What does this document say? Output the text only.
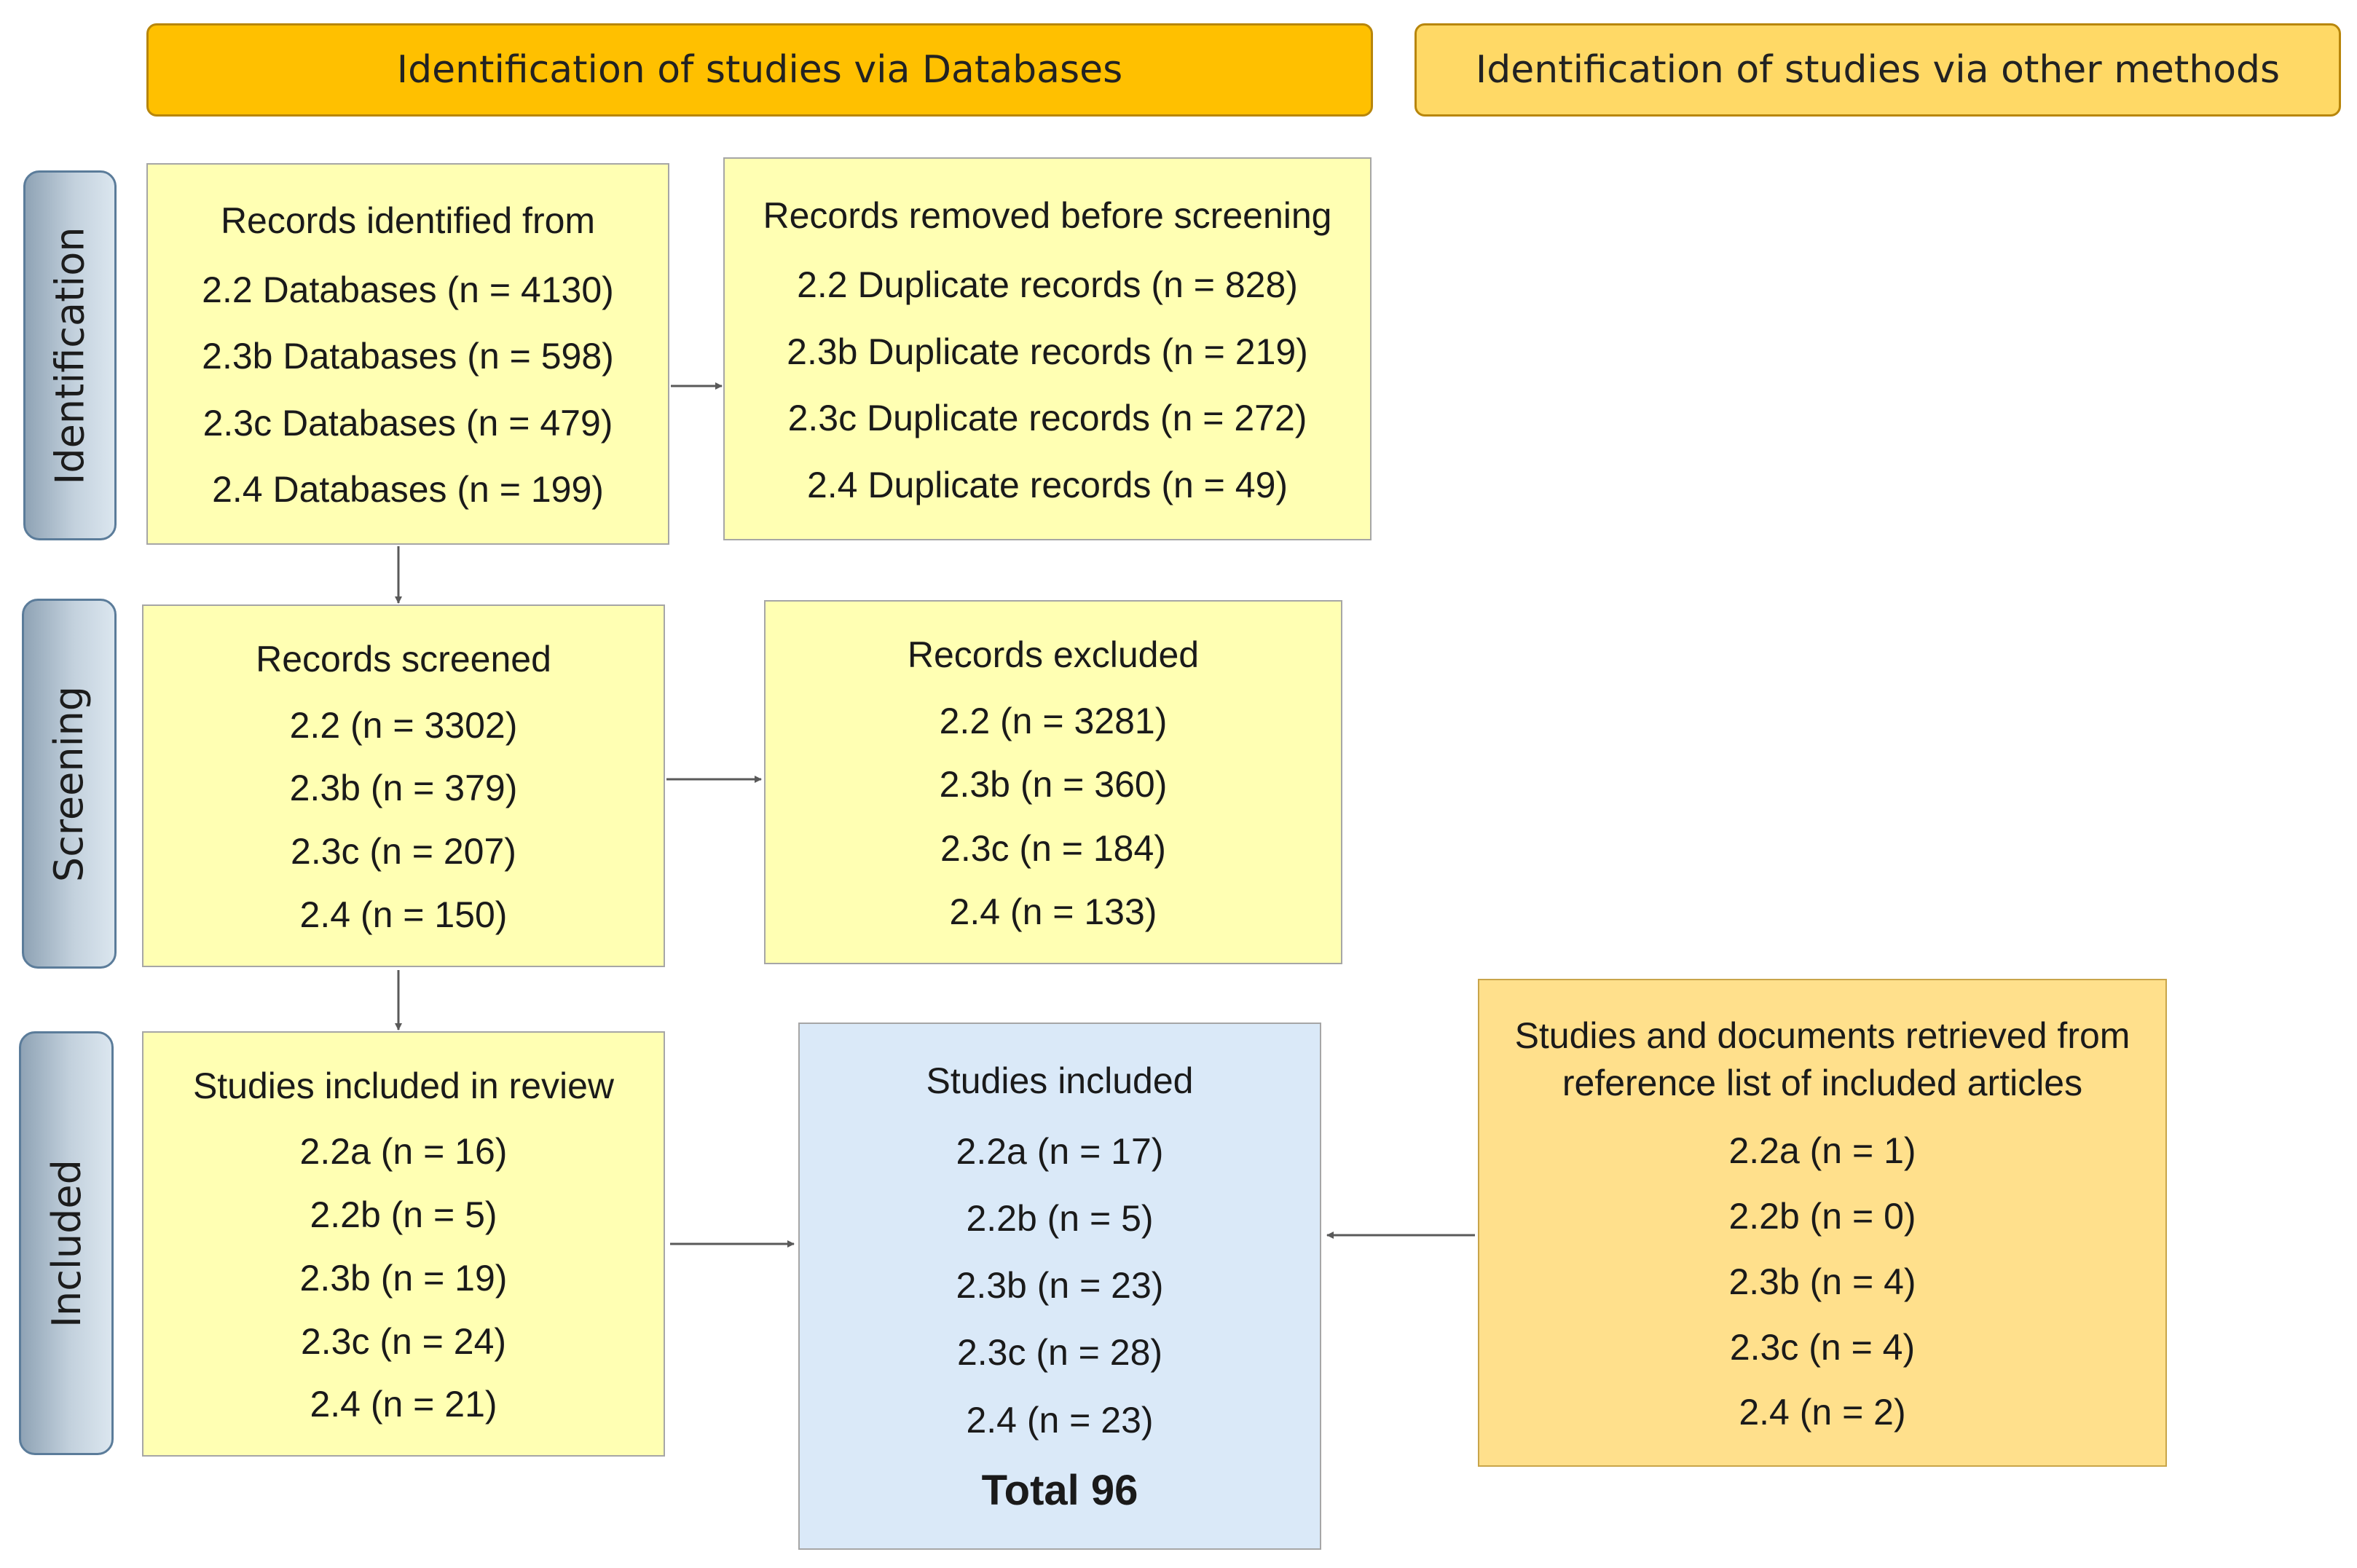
Identification of studies via Databases	Identification of studies via other methods
Identification
Screening
Included
Records identified from
2.2 Databases (n = 4130)
2.3b Databases (n = 598)
2.3c Databases (n = 479)
2.4 Databases (n = 199)
Records removed before screening
2.2 Duplicate records (n = 828)
2.3b Duplicate records (n = 219)
2.3c Duplicate records (n = 272)
2.4 Duplicate records (n = 49)
Records screened
2.2 (n = 3302)
2.3b (n = 379)
2.3c (n = 207)
2.4 (n = 150)
Records excluded
2.2 (n = 3281)
2.3b (n = 360)
2.3c (n = 184)
2.4 (n = 133)
Studies included in review
2.2a (n = 16)
2.2b (n = 5)
2.3b (n = 19)
2.3c (n = 24)
2.4 (n = 21)
Studies included
2.2a (n = 17)
2.2b (n = 5)
2.3b (n = 23)
2.3c (n = 28)
2.4 (n = 23)
Total 96
Studies and documents retrieved from
reference list of included articles
2.2a (n = 1)
2.2b (n = 0)
2.3b (n = 4)
2.3c (n = 4)
2.4 (n = 2)
